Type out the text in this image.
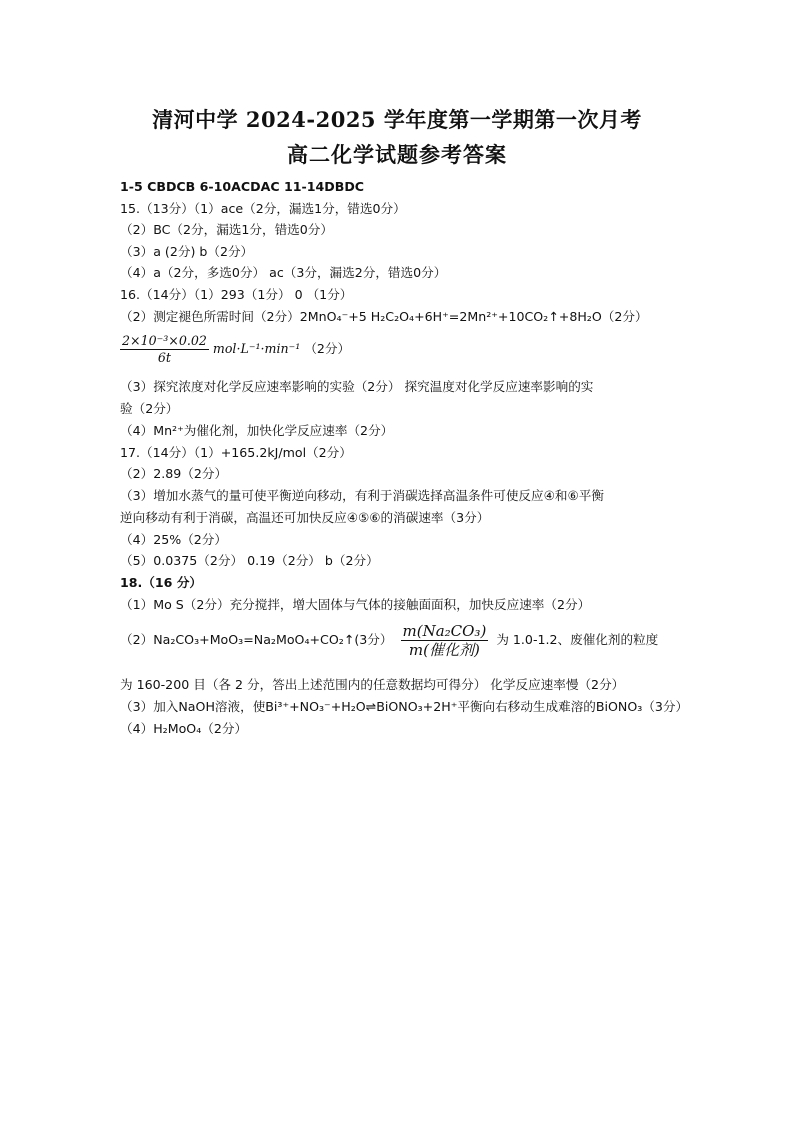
清河中学 2024-2025 学年度第一学期第一次月考
高二化学试题参考答案
1-5 CBDCB 6-10ACDAC 11-14DBDC
15.（13分）（1）ace（2分，漏选1分，错选0分）
（2）BC（2分，漏选1分，错选0分）
（3）a (2分) b（2分）
（4）a（2分，多选0分） ac（3分，漏选2分，错选0分）
16.（14分）（1）293（1分） 0 （1分）
（2）测定褪色所需时间（2分）2MnO₄⁻+5 H₂C₂O₄+6H⁺=2Mn²⁺+10CO₂↑+8H₂O（2分）
$\frac{\text{2×10⁻³×0.02}}{6t} mol\cdot L^{-1}\cdot\min^{-1}$ （2分）
（3）探究浓度对化学反应速率影响的实验（2分） 探究温度对化学反应速率影响的实
验（2分）
（4）Mn²⁺为催化剂，加快化学反应速率（2分）
17.（14分）（1）+165.2kJ/mol（2分）
（2）2.89（2分）
（3）增加水蒸气的量可使平衡逆向移动，有利于消碳选择高温条件可使反应④和⑥平衡
逆向移动有利于消碳，高温还可加快反应④⑤⑥的消碳速率（3分）
（4）25%（2分）
（5）0.0375（2分） 0.19（2分） b（2分）
18.（16 分）
（1）Mo S（2分）充分搅拌，增大固体与气体的接触面面积，加快反应速率（2分）
（2）Na₂CO₃+MoO₃=Na₂MoO₄+CO₂↑(3分） $\frac{\text{m(Na₂CO₃)}}{\text{m(催化剂)}}$ 为 1.0-1.2、废催化剂的粒度
为 160-200 目（各 2 分，答出上述范围内的任意数据均可得分） 化学反应速率慢（2分）
（3）加入NaOH溶液，使Bi³⁺+NO₃⁻+H₂O⇌BiONO₃+2H⁺平衡向右移动生成难溶的BiONO₃（3分）
（4）H₂MoO₄（2分）
